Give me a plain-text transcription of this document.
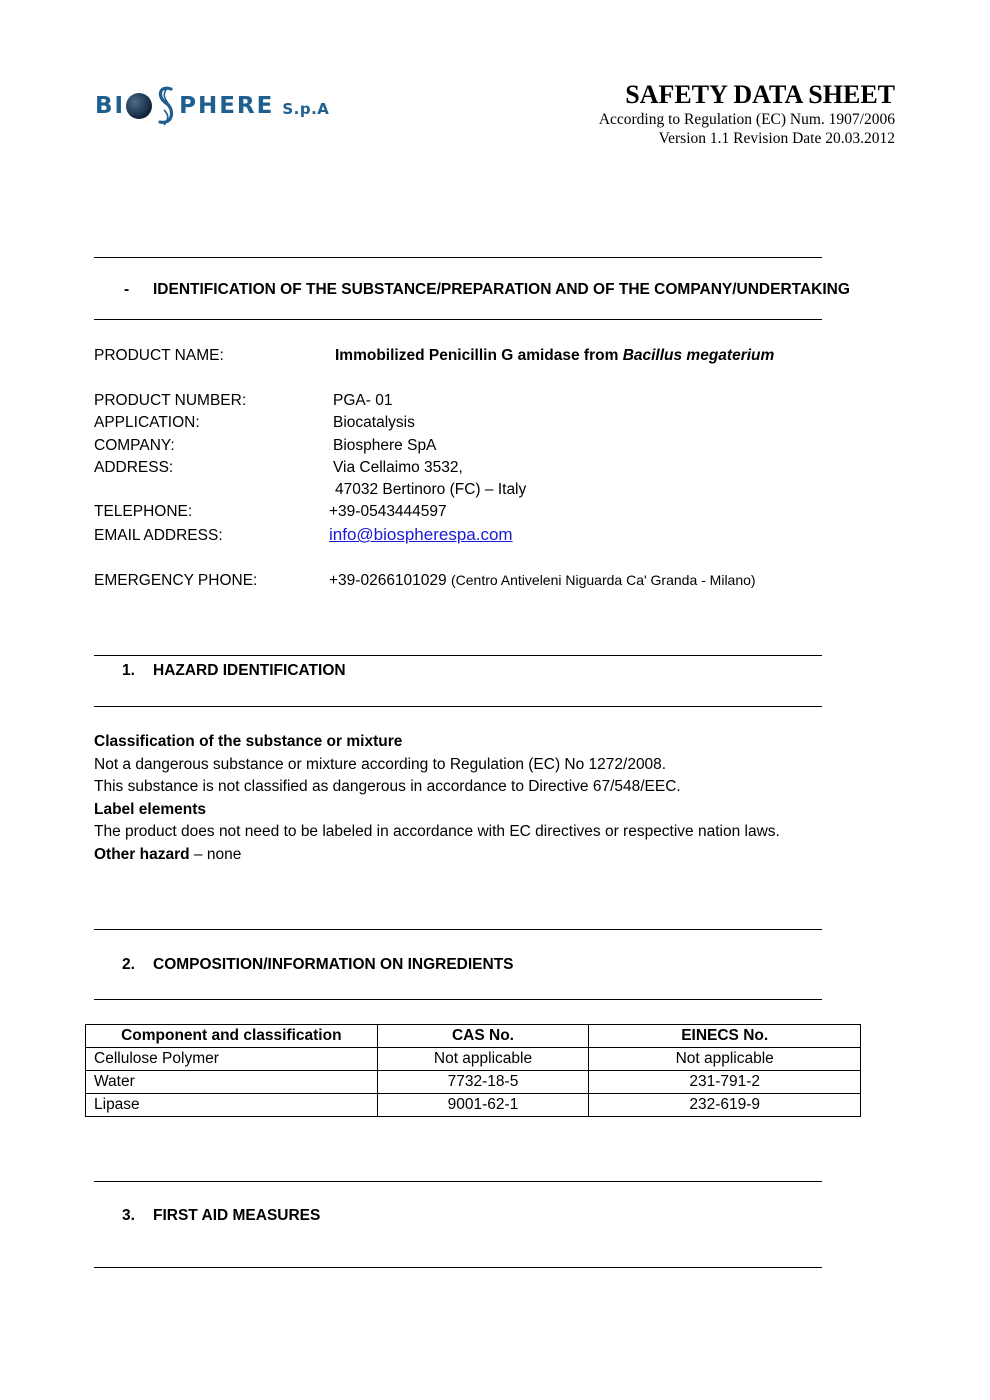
BI PHERE S.p.A	SAFETY DATA SHEET
According to Regulation (EC) Num. 1907/2006
Version 1.1 Revision Date 20.03.2012
- IDENTIFICATION OF THE SUBSTANCE/PREPARATION AND OF THE COMPANY/UNDERTAKING
PRODUCT NAME:	Immobilized Penicillin G amidase from Bacillus megaterium
PRODUCT NUMBER:	PGA- 01
APPLICATION:	Biocatalysis
COMPANY:	Biosphere SpA
ADDRESS:	Via Cellaimo 3532,
47032 Bertinoro (FC) – Italy
TELEPHONE:	+39-0543444597
EMAIL ADDRESS:	info@biospherespa.com
EMERGENCY PHONE:	+39-0266101029 (Centro Antiveleni Niguarda Ca' Granda - Milano)
1. HAZARD IDENTIFICATION
Classification of the substance or mixture
Not a dangerous substance or mixture according to Regulation (EC) No 1272/2008.
This substance is not classified as dangerous in accordance to Directive 67/548/EEC.
Label elements
The product does not need to be labeled in accordance with EC directives or respective nation laws.
Other hazard – none
2. COMPOSITION/INFORMATION ON INGREDIENTS
Component and classification	CAS No.	EINECS No.
Cellulose Polymer	Not applicable	Not applicable
Water	7732-18-5	231-791-2
Lipase	9001-62-1	232-619-9
3. FIRST AID MEASURES
